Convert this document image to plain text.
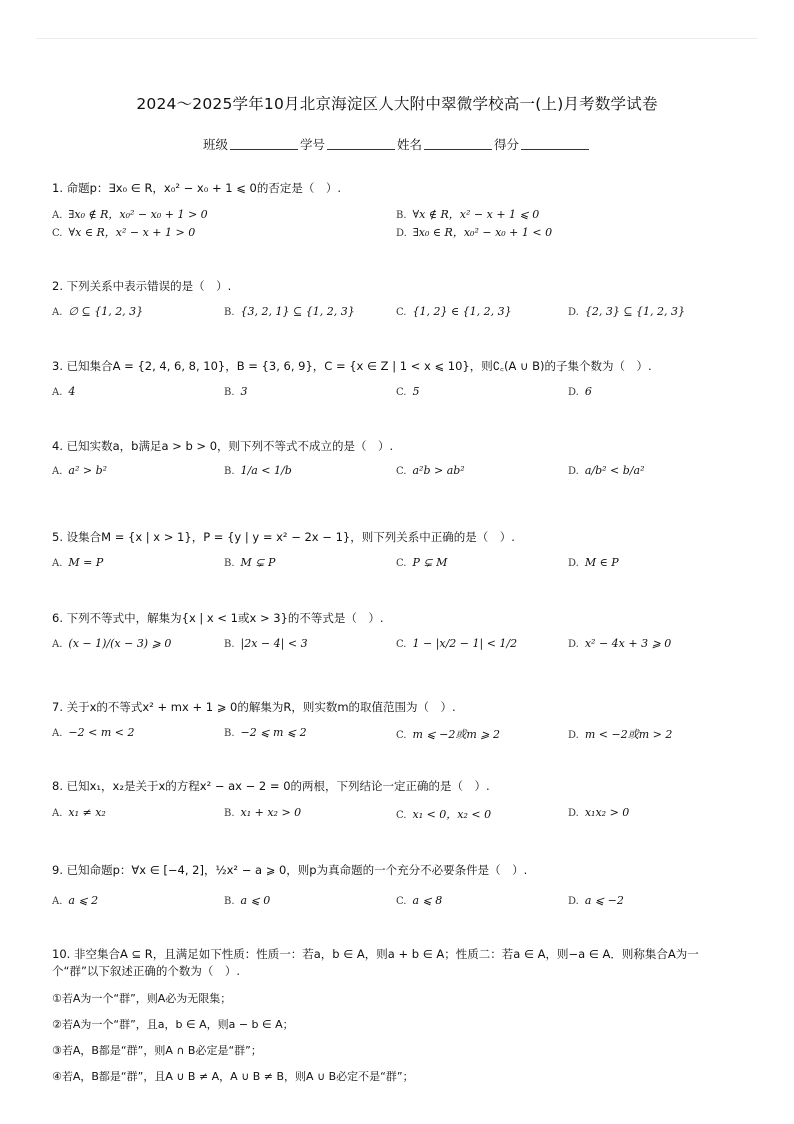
2024～2025学年10月北京海淀区人大附中翠微学校高一(上)月考数学试卷
班级	学号	姓名	得分
1. 命题p：∃x₀ ∈ R，x₀² − x₀ + 1 ⩽ 0的否定是（　）.
A. ∃x₀ ∉ R，x₀² − x₀ + 1 > 0	B. ∀x ∉ R，x² − x + 1 ⩽ 0
C. ∀x ∈ R，x² − x + 1 > 0	D. ∃x₀ ∈ R，x₀² − x₀ + 1 < 0
2. 下列关系中表示错误的是（　）.
A. ∅ ⊆ {1, 2, 3}	B. {3, 2, 1} ⊆ {1, 2, 3}	C. {1, 2} ∈ {1, 2, 3}	D. {2, 3} ⊆ {1, 2, 3}
3. 已知集合A = {2, 4, 6, 8, 10}，B = {3, 6, 9}，C = {x ∈ Z | 1 < x ⩽ 10}，则∁꜀(A ∪ B)的子集个数为（　）.
A. 4	B. 3	C. 5	D. 6
4. 已知实数a，b满足a > b > 0，则下列不等式不成立的是（　）.
A. a² > b²	B. 1/a < 1/b	C. a²b > ab²	D. a/b² < b/a²
5. 设集合M = {x | x > 1}，P = {y | y = x² − 2x − 1}，则下列关系中正确的是（　）.
A. M = P	B. M ⊊ P	C. P ⊊ M	D. M ∈ P
6. 下列不等式中，解集为{x | x < 1或x > 3}的不等式是（　）.
A. (x − 1)/(x − 3) ⩾ 0	B. |2x − 4| < 3	C. 1 − |x/2 − 1| < 1/2	D. x² − 4x + 3 ⩾ 0
7. 关于x的不等式x² + mx + 1 ⩾ 0的解集为R，则实数m的取值范围为（　）.
A. −2 < m < 2	B. −2 ⩽ m ⩽ 2	C. m ⩽ −2或m ⩾ 2	D. m < −2或m > 2
8. 已知x₁，x₂是关于x的方程x² − ax − 2 = 0的两根，下列结论一定正确的是（　）.
A. x₁ ≠ x₂	B. x₁ + x₂ > 0	C. x₁ < 0，x₂ < 0	D. x₁x₂ > 0
9. 已知命题p：∀x ∈ [−4, 2]，½x² − a ⩾ 0，则p为真命题的一个充分不必要条件是（　）.
A. a ⩽ 2	B. a ⩽ 0	C. a ⩽ 8	D. a ⩽ −2
10. 非空集合A ⊆ R，且满足如下性质：性质一：若a，b ∈ A，则a + b ∈ A；性质二：若a ∈ A，则−a ∈ A．则称集合A为一个“群”以下叙述正确的个数为（　）.
①若A为一个“群”，则A必为无限集；
②若A为一个“群”，且a，b ∈ A，则a − b ∈ A；
③若A，B都是“群”，则A ∩ B必定是“群”；
④若A，B都是“群”，且A ∪ B ≠ A，A ∪ B ≠ B，则A ∪ B必定不是“群”；
